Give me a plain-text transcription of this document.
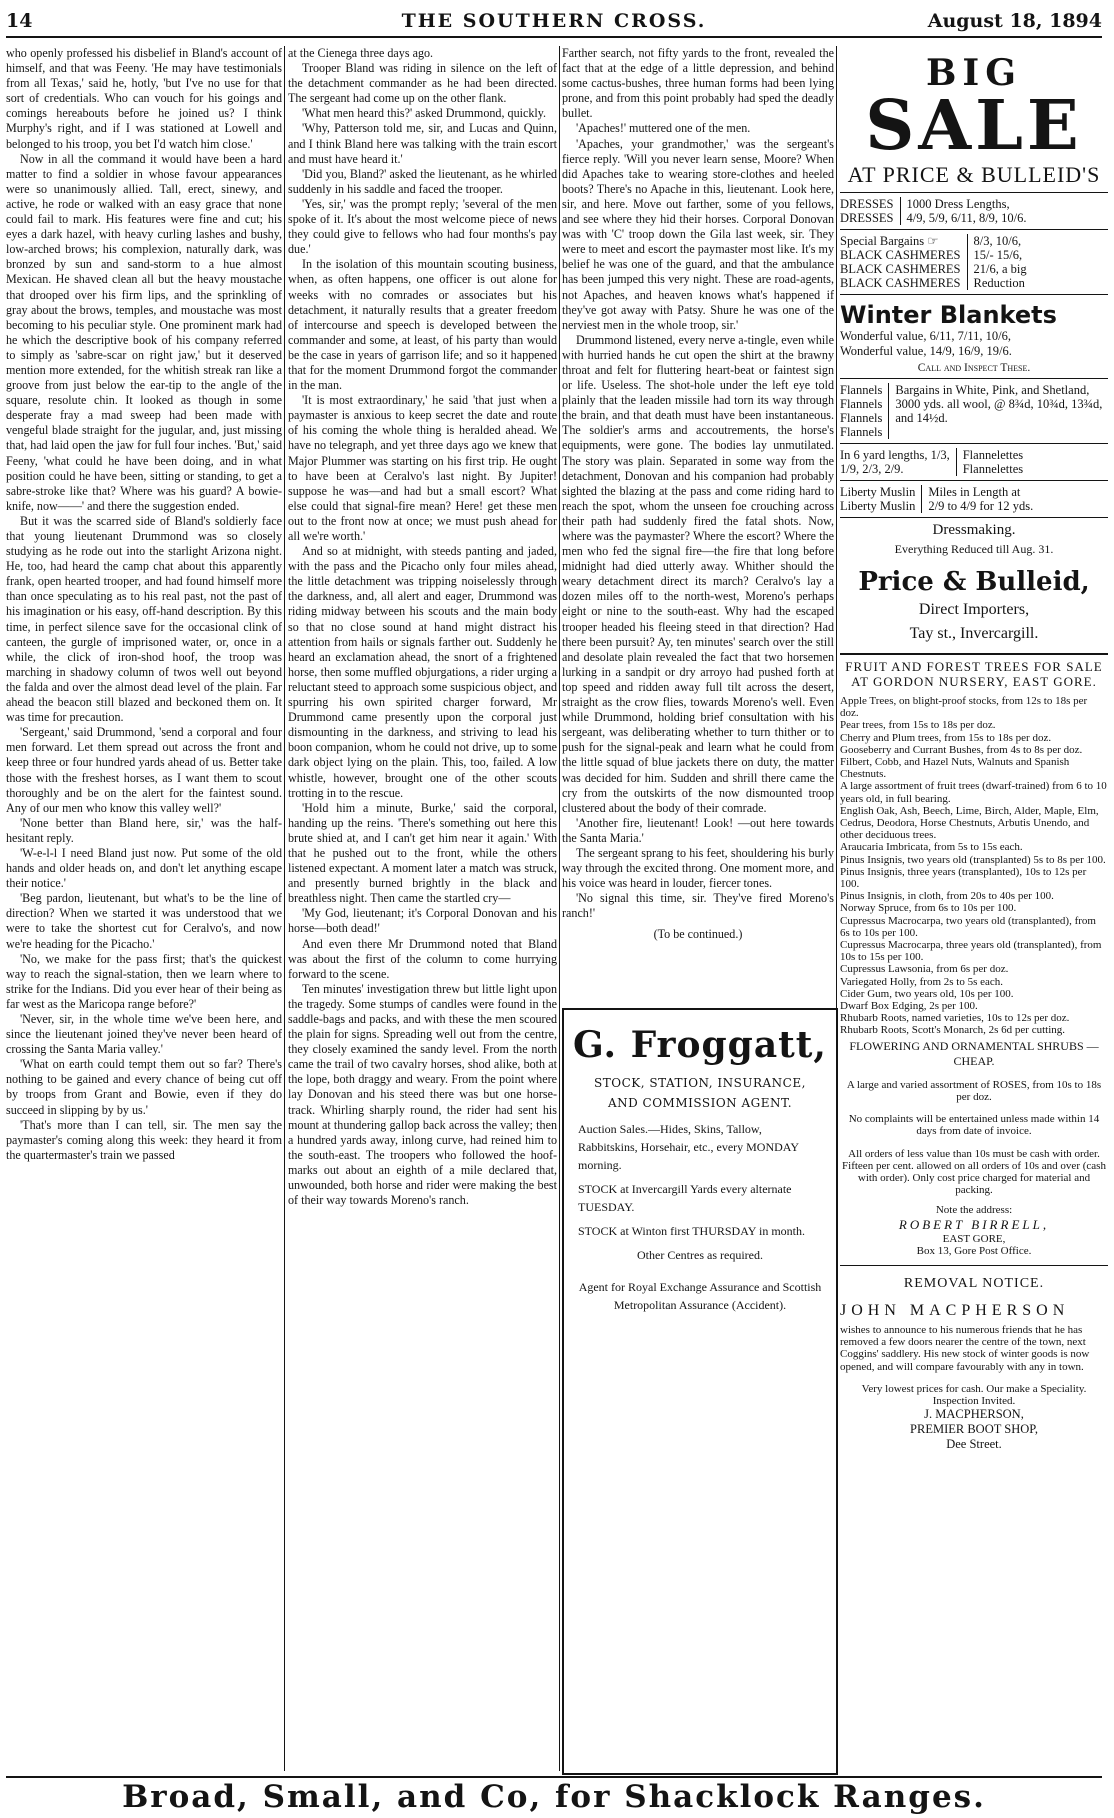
14	THE SOUTHERN CROSS.	August 18, 1894

who openly professed his disbelief in Bland's account of himself, and that was Feeny. 'He may have testimonials from all Texas,' said he, hotly, 'but I've no use for that sort of credentials. Who can vouch for his goings and comings hereabouts before he joined us? I think Murphy's right, and if I was stationed at Lowell and belonged to his troop, you bet I'd watch him close.'

Now in all the command it would have been a hard matter to find a soldier in whose favour appearances were so unanimously allied. Tall, erect, sinewy, and active, he rode or walked with an easy grace that none could fail to mark. His features were fine and cut; his eyes a dark hazel, with heavy curling lashes and bushy, low-arched brows; his complexion, naturally dark, was bronzed by sun and sand-storm to a hue almost Mexican. He shaved clean all but the heavy moustache that drooped over his firm lips, and the sprinkling of gray about the brows, temples, and moustache was most becoming to his peculiar style. One prominent mark had he which the descriptive book of his company referred to simply as 'sabre-scar on right jaw,' but it deserved mention more extended, for the whitish streak ran like a groove from just below the ear-tip to the angle of the square, resolute chin. It looked as though in some desperate fray a mad sweep had been made with vengeful blade straight for the jugular, and, just missing that, had laid open the jaw for full four inches. 'But,' said Feeny, 'what could he have been doing, and in what position could he have been, sitting or standing, to get a sabre-stroke like that? Where was his guard? A bowie-knife, now——' and there the suggestion ended.

But it was the scarred side of Bland's soldierly face that young lieutenant Drummond was so closely studying as he rode out into the starlight Arizona night. He, too, had heard the camp chat about this apparently frank, open hearted trooper, and had found himself more than once speculating as to his real past, not the past of his imagination or his easy, off-hand description. By this time, in perfect silence save for the occasional clink of canteen, the gurgle of imprisoned water, or, once in a while, the click of iron-shod hoof, the troop was marching in shadowy column of twos well out beyond the falda and over the almost dead level of the plain. Far ahead the beacon still blazed and beckoned them on. It was time for precaution.

'Sergeant,' said Drummond, 'send a corporal and four men forward. Let them spread out across the front and keep three or four hundred yards ahead of us. Better take those with the freshest horses, as I want them to scout thoroughly and be on the alert for the faintest sound. Any of our men who know this valley well?'

'None better than Bland here, sir,' was the half-hesitant reply.

'W-e-l-l I need Bland just now. Put some of the old hands and older heads on, and don't let anything escape their notice.'

'Beg pardon, lieutenant, but what's to be the line of direction? When we started it was understood that we were to take the shortest cut for Ceralvo's, and now we're heading for the Picacho.'

'No, we make for the pass first; that's the quickest way to reach the signal-station, then we learn where to strike for the Indians. Did you ever hear of their being as far west as the Maricopa range before?'

'Never, sir, in the whole time we've been here, and since the lieutenant joined they've never been heard of crossing the Santa Maria valley.'

'What on earth could tempt them out so far? There's nothing to be gained and every chance of being cut off by troops from Grant and Bowie, even if they do succeed in slipping by by us.'

'That's more than I can tell, sir. The men say the paymaster's coming along this week: they heard it from the quartermaster's train we passed

at the Cienega three days ago.

Trooper Bland was riding in silence on the left of the detachment commander as he had been directed. The sergeant had come up on the other flank.

'What men heard this?' asked Drummond, quickly.

'Why, Patterson told me, sir, and Lucas and Quinn, and I think Bland here was talking with the train escort and must have heard it.'

'Did you, Bland?' asked the lieutenant, as he whirled suddenly in his saddle and faced the trooper.

'Yes, sir,' was the prompt reply; 'several of the men spoke of it. It's about the most welcome piece of news they could give to fellows who had four months's pay due.'

In the isolation of this mountain scouting business, when, as often happens, one officer is out alone for weeks with no comrades or associates but his detachment, it naturally results that a greater freedom of intercourse and speech is developed between the commander and some, at least, of his party than would be the case in years of garrison life; and so it happened that for the moment Drummond forgot the commander in the man.

'It is most extraordinary,' he said 'that just when a paymaster is anxious to keep secret the date and route of his coming the whole thing is heralded ahead. We have no telegraph, and yet three days ago we knew that Major Plummer was starting on his first trip. He ought to have been at Ceralvo's last night. By Jupiter! suppose he was—and had but a small escort? What else could that signal-fire mean? Here! get these men out to the front now at once; we must push ahead for all we're worth.'

And so at midnight, with steeds panting and jaded, with the pass and the Picacho only four miles ahead, the little detachment was tripping noiselessly through the darkness, and, all alert and eager, Drummond was riding midway between his scouts and the main body so that no close sound at hand might distract his attention from hails or signals farther out. Suddenly he heard an exclamation ahead, the snort of a frightened horse, then some muffled objurgations, a rider urging a reluctant steed to approach some suspicious object, and spurring his own spirited charger forward, Mr Drummond came presently upon the corporal just dismounting in the darkness, and striving to lead his boon companion, whom he could not drive, up to some dark object lying on the plain. This, too, failed. A low whistle, however, brought one of the other scouts trotting in to the rescue.

'Hold him a minute, Burke,' said the corporal, handing up the reins. 'There's something out here this brute shied at, and I can't get him near it again.' With that he pushed out to the front, while the others listened expectant. A moment later a match was struck, and presently burned brightly in the black and breathless night. Then came the startled cry—

'My God, lieutenant; it's Corporal Donovan and his horse—both dead!'

And even there Mr Drummond noted that Bland was about the first of the column to come hurrying forward to the scene.

Ten minutes' investigation threw but little light upon the tragedy. Some stumps of candles were found in the saddle-bags and packs, and with these the men scoured the plain for signs. Spreading well out from the centre, they closely examined the sandy level. From the north came the trail of two cavalry horses, shod alike, both at the lope, both draggy and weary. From the point where lay Donovan and his steed there was but one horse-track. Whirling sharply round, the rider had sent his mount at thundering gallop back across the valley; then a hundred yards away, inlong curve, had reined him to the south-east. The troopers who followed the hoof-marks out about an eighth of a mile declared that, unwounded, both horse and rider were making the best of their way towards Moreno's ranch.

Farther search, not fifty yards to the front, revealed the fact that at the edge of a little depression, and behind some cactus-bushes, three human forms had been lying prone, and from this point probably had sped the deadly bullet.

'Apaches!' muttered one of the men.

'Apaches, your grandmother,' was the sergeant's fierce reply. 'Will you never learn sense, Moore? When did Apaches take to wearing store-clothes and heeled boots? There's no Apache in this, lieutenant. Look here, sir, and here. Move out farther, some of you fellows, and see where they hid their horses. Corporal Donovan was with 'C' troop down the Gila last week, sir. They were to meet and escort the paymaster most like. It's my belief he was one of the guard, and that the ambulance has been jumped this very night. These are road-agents, not Apaches, and heaven knows what's happened if they've got away with Patsy. Shure he was one of the nerviest men in the whole troop, sir.'

Drummond listened, every nerve a-tingle, even while with hurried hands he cut open the shirt at the brawny throat and felt for fluttering heart-beat or faintest sign or life. Useless. The shot-hole under the left eye told plainly that the leaden missile had torn its way through the brain, and that death must have been instantaneous. The soldier's arms and accoutrements, the horse's equipments, were gone. The bodies lay unmutilated. The story was plain. Separated in some way from the detachment, Donovan and his companion had probably sighted the blazing at the pass and come riding hard to reach the spot, whom the unseen foe crouching across their path had suddenly fired the fatal shots. Now, where was the paymaster? Where the escort? Where the men who fed the signal fire—the fire that long before midnight had died utterly away. Whither should the weary detachment direct its march? Ceralvo's lay a dozen miles off to the north-west, Moreno's perhaps eight or nine to the south-east. Why had the escaped trooper headed his fleeing steed in that direction? Had there been pursuit? Ay, ten minutes' search over the still and desolate plain revealed the fact that two horsemen lurking in a sandpit or dry arroyo had pushed forth at top speed and ridden away full tilt across the desert, straight as the crow flies, towards Moreno's well. Even while Drummond, holding brief consultation with his sergeant, was deliberating whether to turn thither or to push for the signal-peak and learn what he could from the little squad of blue jackets there on duty, the matter was decided for him. Sudden and shrill there came the cry from the outskirts of the now dismounted troop clustered about the body of their comrade.

'Another fire, lieutenant! Look! —out here towards the Santa Maria.'

The sergeant sprang to his feet, shouldering his burly way through the excited throng. One moment more, and his voice was heard in louder, fiercer tones.

'No signal this time, sir. They've fired Moreno's ranch!'

(To be continued.)

G. Froggatt,
STOCK, STATION, INSURANCE,
AND COMMISSION AGENT.

Auction Sales.—Hides, Skins, Tallow, Rabbitskins, Horsehair, etc., every MONDAY morning.

STOCK at Invercargill Yards every alternate TUESDAY.

STOCK at Winton first THURSDAY in month.

Other Centres as required.

Agent for Royal Exchange Assurance and Scottish Metropolitan Assurance (Accident).

BIG
SALE
AT PRICE & BULLEID'S
DRESSES
DRESSES
1000 Dress Lengths,
4/9, 5/9, 6/11, 8/9, 10/6.
Special Bargains ☞
BLACK CASHMERES
BLACK CASHMERES
BLACK CASHMERES
8/3, 10/6,
15/- 15/6,
21/6, a big
Reduction
Winter Blankets
Wonderful value, 6/11, 7/11, 10/6,
Wonderful value, 14/9, 16/9, 19/6.
Call and Inspect These.
Flannels
Flannels
Flannels
Flannels
Bargains in White, Pink, and Shetland, 3000 yds. all wool, @ 8¾d, 10¾d, 13¾d, and 14½d.
In 6 yard lengths, 1/3,
1/9, 2/3, 2/9.
Flannelettes
Flannelettes
Liberty Muslin
Liberty Muslin
Miles in Length at
2/9 to 4/9 for 12 yds.
Dressmaking.
Everything Reduced till Aug. 31.
Price & Bulleid,
Direct Importers,
Tay st., Invercargill.
FRUIT AND FOREST TREES FOR SALE AT GORDON NURSERY, EAST GORE.
Apple Trees, on blight-proof stocks, from 12s to 18s per doz.
Pear trees, from 15s to 18s per doz.
Cherry and Plum trees, from 15s to 18s per doz.
Gooseberry and Currant Bushes, from 4s to 8s per doz.
Filbert, Cobb, and Hazel Nuts, Walnuts and Spanish Chestnuts.
A large assortment of fruit trees (dwarf-trained) from 6 to 10 years old, in full bearing.
English Oak, Ash, Beech, Lime, Birch, Alder, Maple, Elm, Cedrus, Deodora, Horse Chestnuts, Arbutis Unendo, and other deciduous trees.
Araucaria Imbricata, from 5s to 15s each.
Pinus Insignis, two years old (transplanted) 5s to 8s per 100.
Pinus Insignis, three years (transplanted), 10s to 12s per 100.
Pinus Insignis, in cloth, from 20s to 40s per 100.
Norway Spruce, from 6s to 10s per 100.
Cupressus Macrocarpa, two years old (transplanted), from 6s to 10s per 100.
Cupressus Macrocarpa, three years old (transplanted), from 10s to 15s per 100.
Cupressus Lawsonia, from 6s per doz.
Variegated Holly, from 2s to 5s each.
Cider Gum, two years old, 10s per 100.
Dwarf Box Edging, 2s per 100.
Rhubarb Roots, named varieties, 10s to 12s per doz.
Rhubarb Roots, Scott's Monarch, 2s 6d per cutting.
FLOWERING AND ORNAMENTAL SHRUBS — CHEAP.
A large and varied assortment of ROSES, from 10s to 18s per doz.
No complaints will be entertained unless made within 14 days from date of invoice.
All orders of less value than 10s must be cash with order. Fifteen per cent. allowed on all orders of 10s and over (cash with order). Only cost price charged for material and packing.
Note the address:
ROBERT BIRRELL,
EAST GORE,
Box 13, Gore Post Office.
REMOVAL NOTICE.
JOHN MACPHERSON
wishes to announce to his numerous friends that he has removed a few doors nearer the centre of the town, next Coggins' saddlery. His new stock of winter goods is now opened, and will compare favourably with any in town.
Very lowest prices for cash. Our make a Speciality.
Inspection Invited.
J. MACPHERSON,
PREMIER BOOT SHOP,
Dee Street.
Broad, Small, and Co, for Shacklock Ranges.
